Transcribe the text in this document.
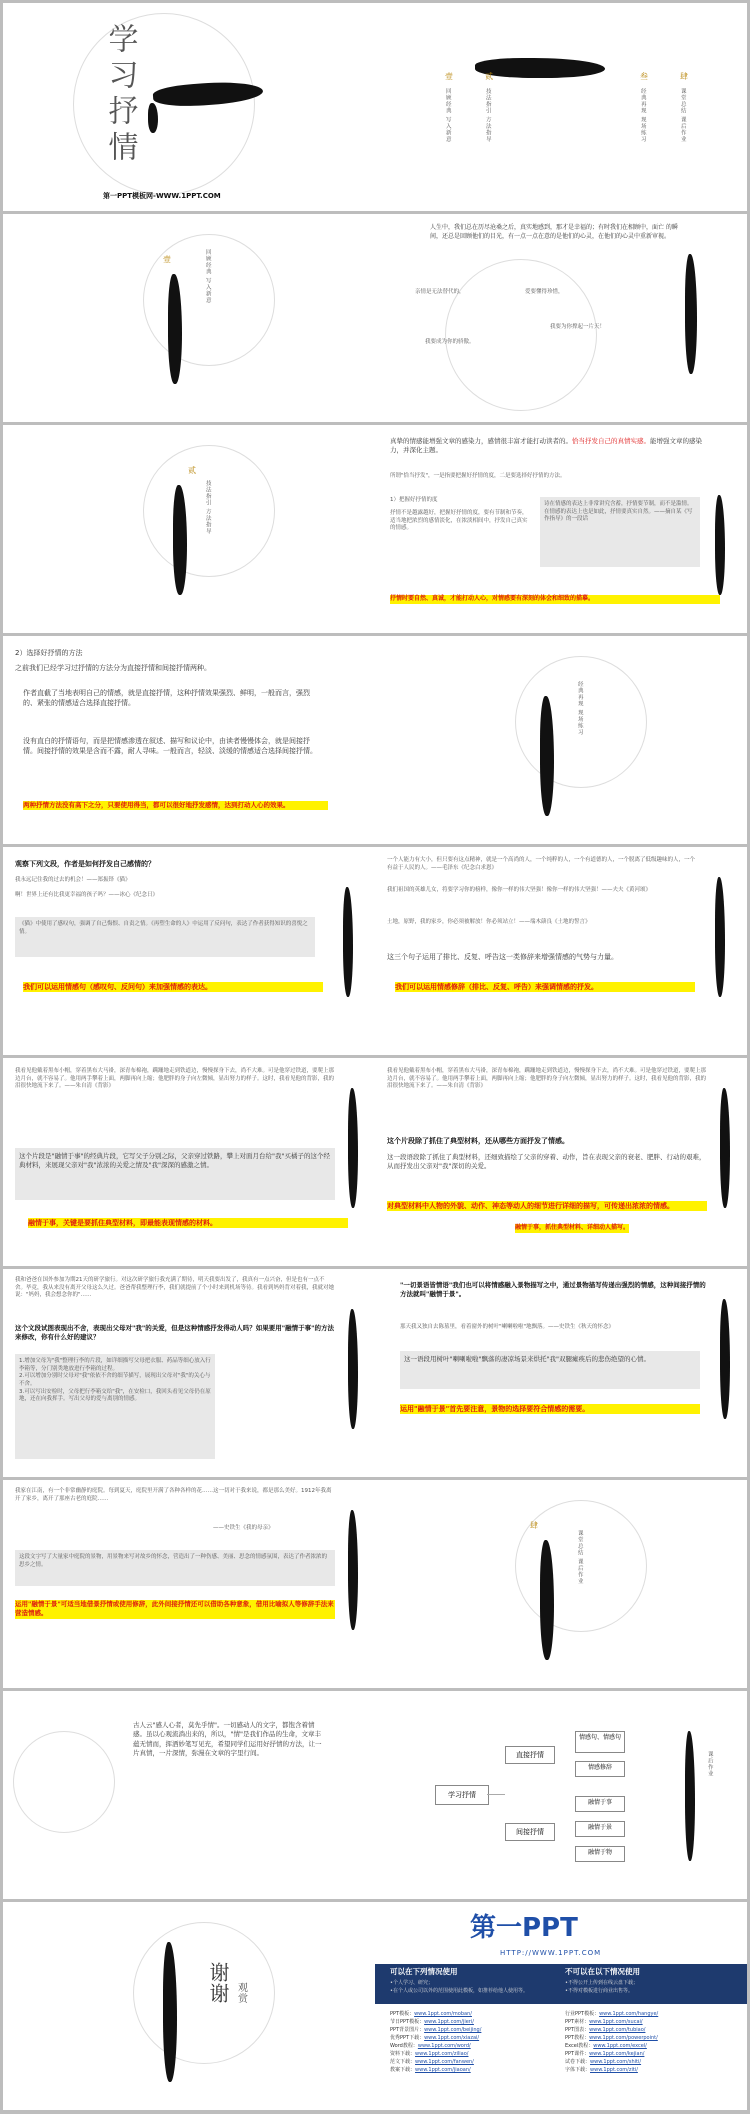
学习抒情
第一PPT模板网-WWW.1PPT.COM
壹
回顾经典 写入新意
贰
技法指引 方法指导
叁
经典再现 现场练习
肆
课堂总结 课后作业
壹	回顾经典 写入新意
人生中，我们总在历尽沧桑之后，真实地感到，那才是幸福的；有时我们在相顾中，面亡 的瞬间，还总是回顾他们的目光，有一点一点在意的是他们的心灵，在他们的心灵中重新审视。
亲情是无法替代的，	爱要懂得珍惜，
我要成为你的骄傲。
我要为你撑起一片天！
贰
技法指引 方法指导
真挚的情感能增强文章的感染力，感情很丰富才能打动读者的。恰当抒发自己的真情实感。能增强文章的感染力，并深化主题。
所谓"恰当抒发"，一是指要把握好抒情的度，二是要选择好抒情的方法。
1）把握好抒情的度
抒情不是越露越好，把握好抒情的度，要有节制和节奏，适当地把浓烈的感情淡化，在浓淡相间中，抒发自己真实的情感。
诗在情感的表达上非常讲究含蓄，抒情要节制，而不是滥情。在情感的表达上也是如此，抒情要真实自然。——摘自某《写作指导》的一段话
抒情时要自然、真诚，才能打动人心，对情感要有深刻的体会和细致的描摹。
2）选择好抒情的方法
之前我们已经学习过抒情的方法分为直接抒情和间接抒情两种。
作者直截了当地表明自己的情感，就是直接抒情，这种抒情效果强烈、鲜明，一般而言，强烈的、紧张的情感适合选择直接抒情。
没有直白的抒情语句，而是把情感渗透在叙述、描写和议论中，由读者慢慢体会，就是间接抒情。间接抒情的效果是含而不露，耐人寻味。一般而言，轻淡、淡缓的情感适合选择间接抒情。
两种抒情方法没有高下之分，只要使用得当，都可以很好地抒发感情，达到打动人心的效果。
经典再现 现场练习
观察下列文段，作者是如何抒发自己感情的？
我永远记住我的过去的机会！——郑振铎《猫》
啊！世界上还有比我更幸福的孩子吗？——冰心《纪念日》
《猫》中使用了感叹句，强调了自己悔恨、自责之情。《再塑生命的人》中运用了反问句，表达了作者获得知识的喜悦之情。
我们可以运用情感句（感叹句、反问句）来加强情感的表达。
一个人能力有大小，但只要有这点精神，就是一个高尚的人，一个纯粹的人，一个有道德的人，一个脱离了低级趣味的人，一个有益于人民的人。——毛泽东《纪念白求恩》
我们祖国的英雄儿女，将要学习你的榜样，像你一样的伟大坚强！像你一样的伟大坚强！——夫夫《黄河颂》
土地，原野，我的家乡，你必须被解放！你必须站立！——端木蕻良《土地的誓言》
这三个句子运用了排比、反复、呼告这一类修辞来增强情感的气势与力量。
我们可以运用情感修辞（排比、反复、呼告）来强调情感的抒发。
我看见他戴着黑布小帽，穿着黑布大马褂，深青布棉袍，蹒跚地走到铁道边，慢慢探身下去，尚不大难。可是他穿过铁道，要爬上那边月台，就不容易了。他用两手攀着上面，两脚再向上缩；他肥胖的身子向左微倾，显出努力的样子。这时，我看见他的背影，我的泪很快地流下来了。——朱自清《背影》
这个片段是"融情于事"的经典片段，它写父子分别之际，父亲穿过铁路，攀上对面月台给"我"买橘子的这个经典材料，来展现父亲对"我"浓浓的关爱之情及"我"深深的感激之情。
融情于事，关键是要抓住典型材料，即最能表现情感的材料。
我看见他戴着黑布小帽，穿着黑布大马褂，深青布棉袍，蹒跚地走到铁道边，慢慢探身下去，尚不大难。可是他穿过铁道，要爬上那边月台，就不容易了。他用两手攀着上面，两脚再向上缩；他肥胖的身子向左微倾，显出努力的样子。这时，我看见他的背影，我的泪很快地流下来了。——朱自清《背影》
这个片段除了抓住了典型材料，还从哪些方面抒发了情感。
这一段语段除了抓住了典型材料，还细致描绘了父亲的穿着、动作，旨在表现父亲的衰老、肥胖、行动的艰难，从而抒发出父亲对"我"深切的关爱。
对典型材料中人物的外貌、动作、神态等动人的细节进行详细的描写，可传递出浓浓的情感。
融情于事，抓住典型材料、详细动人描写。
我和爸爸在国外参加为期21天的研学旅行。对这次研学旅行我充满了期待，明天我要出发了，我真有一点兴奋，但是也有一点不舍。毕竟，我从来没有离开父母这么久过。爸爸帮我整理行李，我们就提前了个小时来到机场等待。我看到妈妈背对着我，我就对她说："妈妈，我会想念你的"……
这个文段试图表现出不舍，表现出父母对"我"的关爱，但是这种情感抒发得动人吗？如果要用"融情于事"的方法来修改，你有什么好的建议？
1.增加父母为"我"整理行李的片段，如详细描写父母把衣服、药品等细心放入行李箱等，分门别类地放进行李箱的过程。
2.可以增加分别时父母对"我"依依不舍的细节描写，展现出父母对"我"的关心与不舍。
3.可以写出安检时，父母把行李箱交给"我"，在安检口，我回头看见父母仍在原地，还在向我挥手。写出父母的爱与离别的情感。
"一切景语皆情语"我们也可以将情感融入景物描写之中，通过景物描写传递出强烈的情感，这种间接抒情的方法就叫"融情于景"。
那天我又独自去陈墓里，看着窗外的树叶"喇喇啦啦"地飘落。——史铁生《秋天的怀念》
这一语段用树叶"喇喇啦啦"飘落的凄凉场景来烘托"我"双腿瘫痪后的悲伤绝望的心情。
运用"融情于景"首先要注意，景物的选择要符合情感的需要。
我家在江南，有一个非常幽静的庭院。每到夏天，庭院里开满了各种各样的花……这一切对于我来说，都是那么美好。1912年我离开了家乡，离开了那座古老的庭院……
——史铁生《我的母亲》
这段文字写了大量家中庭院的景物，用景物来写对故乡的怀念，营造出了一种伤感、美丽、思念的情感氛围，表达了作者浓浓的思乡之情。
运用"融情于景"可适当地借景抒情或使用修辞，此外间接抒情还可以借助各种意象，借用比喻拟人等修辞手法来营造情感。
肆
课堂总结 课后作业
古人云"感人心者，莫先乎情"。一切感动人的文字，都饱含着情感。虽以心观流淌出来的，所以，"情"是我们作品的生命，文章丰蕴无情而，挥洒妙笔写见充，希望同学们运用好抒情的方法，让一片真情，一片深情，弥漫在文章的字里行间。
学习抒情
直接抒情
间接抒情
情感句、情感句
情感修辞
融情于事
融情于景
融情于物
课后作业
谢谢 观赏
第一PPT
HTTP://WWW.1PPT.COM
可以在下列情况使用
•个人学习、研究；
•在个人或公司以外的范围使用此模板，如推荐给他人使用等。
不可以在以下情况使用
•不得公开上传到在线云盘下载；
•不得对模板进行商业出售等。
PPT模板：www.1ppt.com/moban/
节日PPT模板：www.1ppt.com/jieri/
PPT背景图片：www.1ppt.com/beijing/
优秀PPT下载：www.1ppt.com/xiazai/
Word教程：www.1ppt.com/word/
资料下载：www.1ppt.com/ziliao/
范文下载：www.1ppt.com/fanwen/
教案下载：www.1ppt.com/jiaoan/
行业PPT模板：www.1ppt.com/hangye/
PPT素材：www.1ppt.com/sucai/
PPT图表：www.1ppt.com/tubiao/
PPT教程：www.1ppt.com/powerpoint/
Excel教程：www.1ppt.com/excel/
PPT课件：www.1ppt.com/kejian/
试卷下载：www.1ppt.com/shiti/
字体下载：www.1ppt.com/ziti/
